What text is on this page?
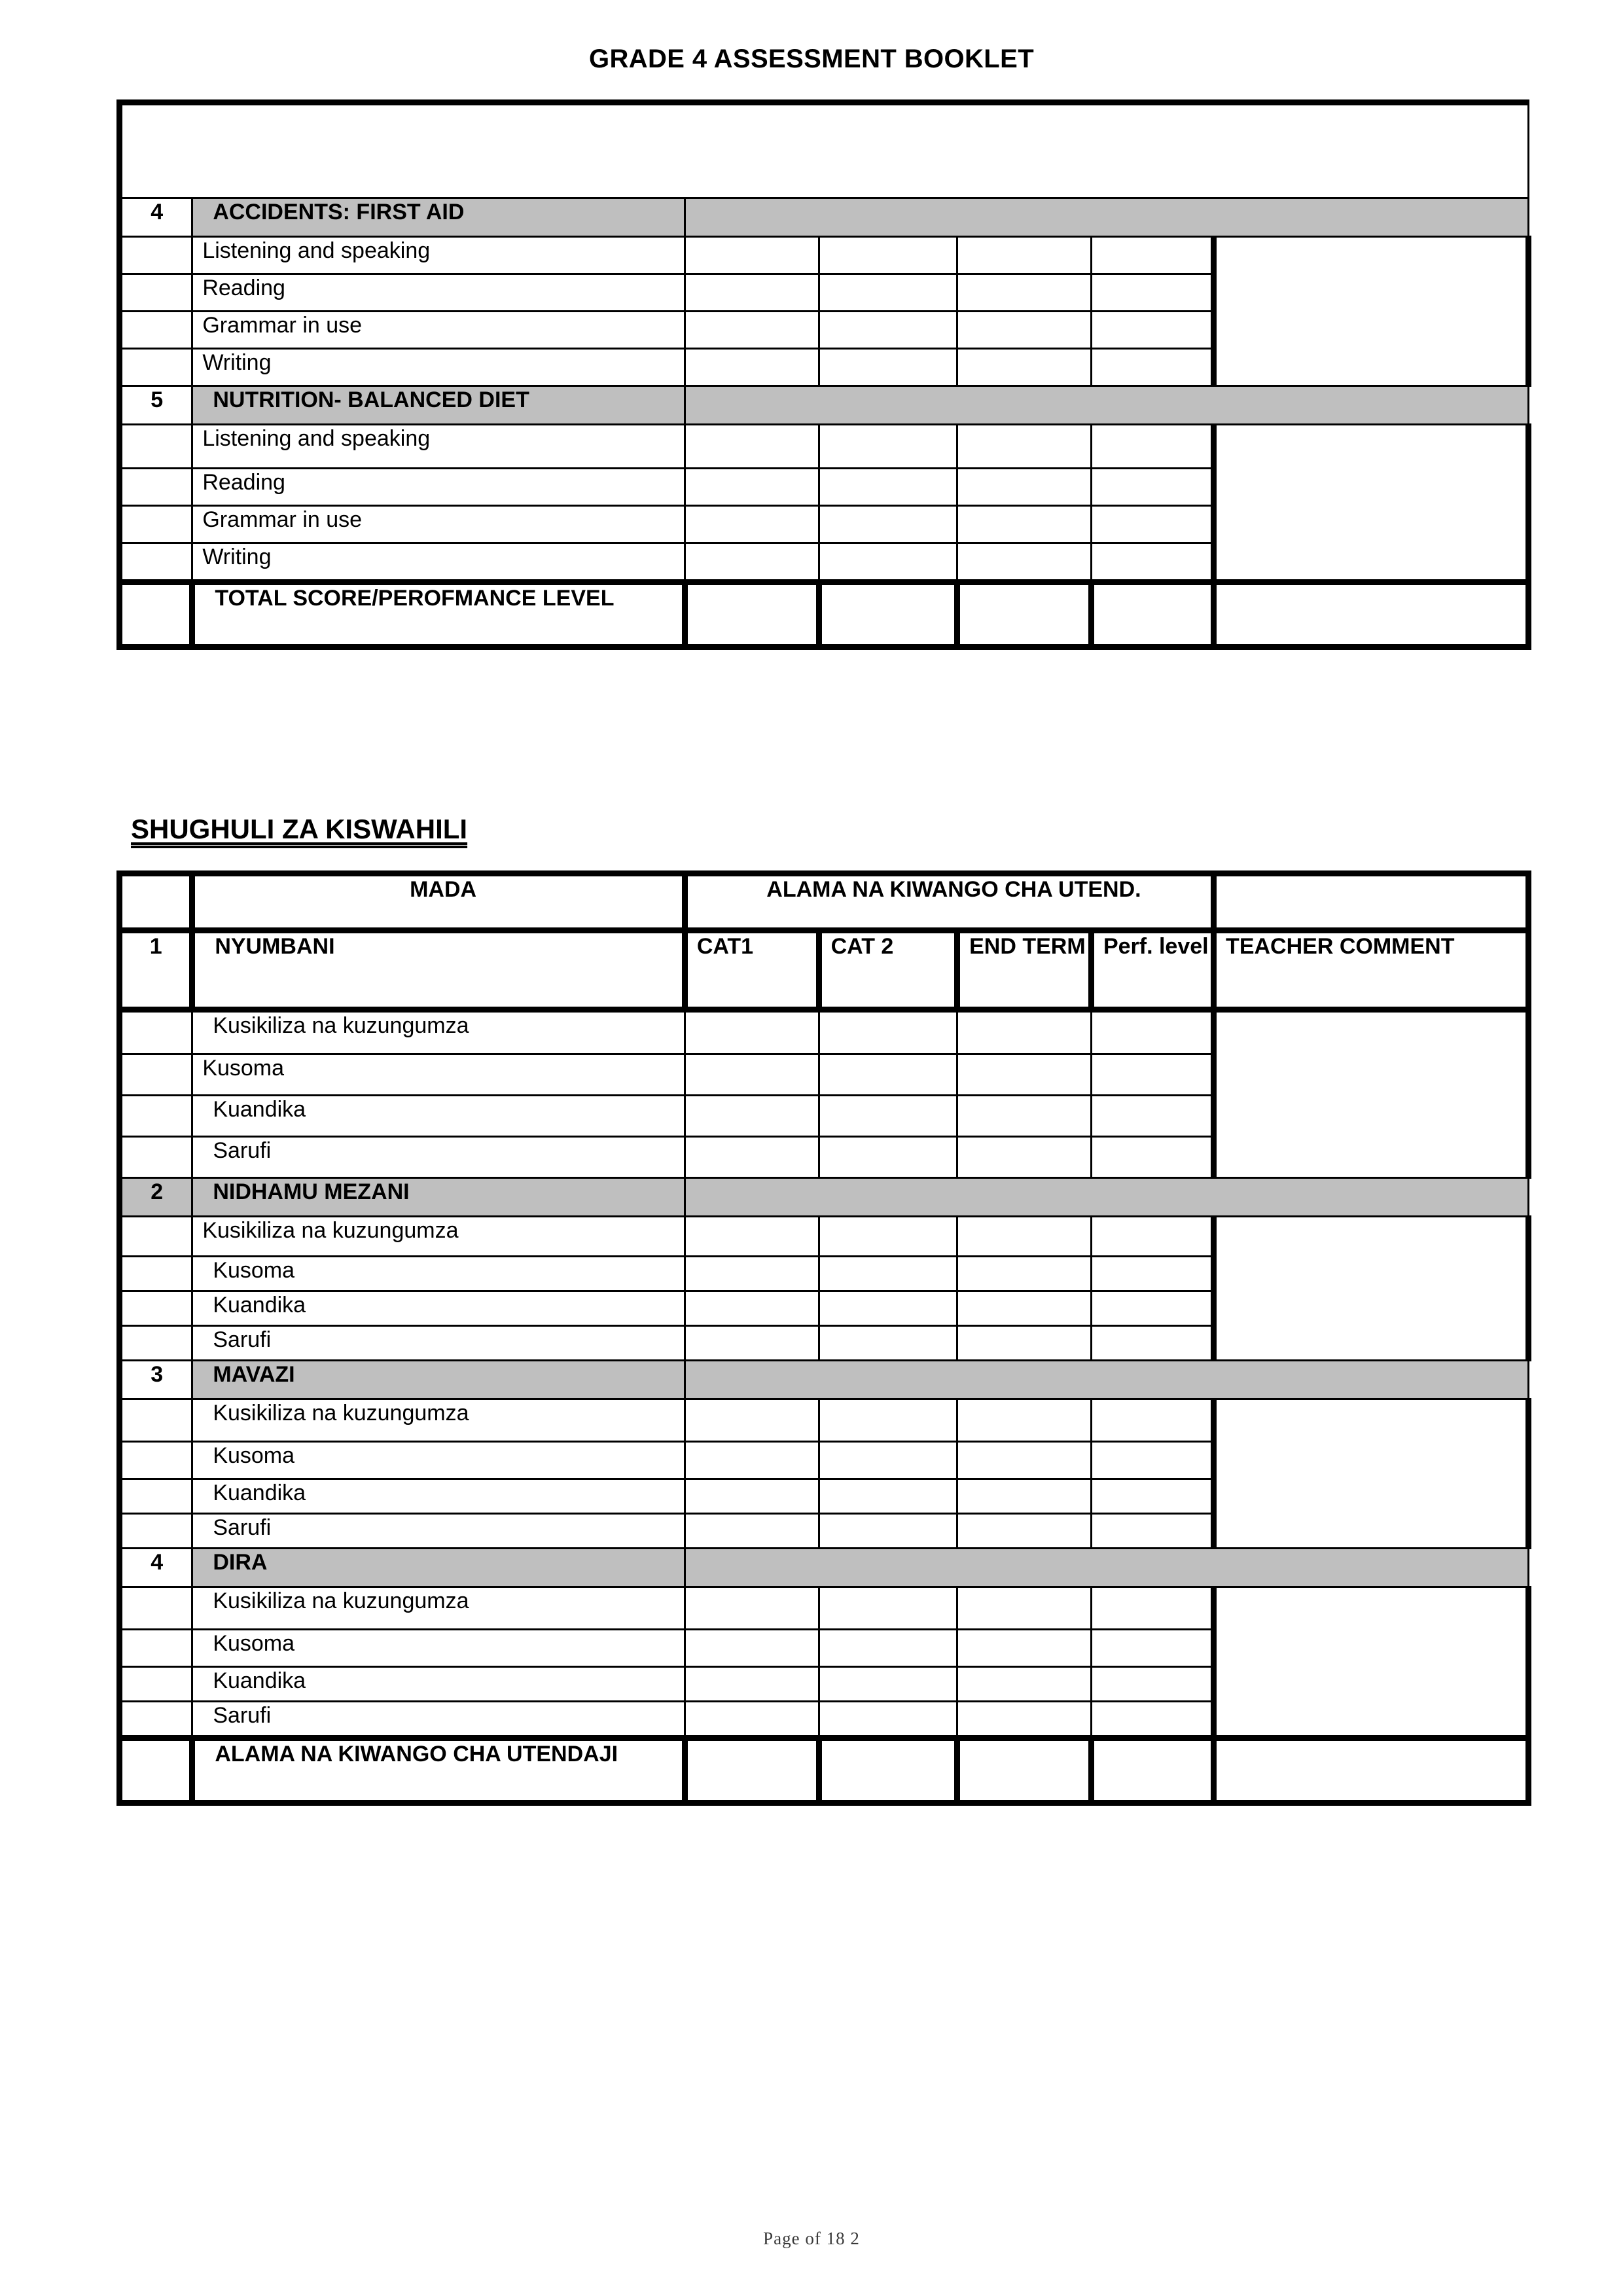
GRADE 4 ASSESSMENT BOOKLET

4	ACCIDENTS: FIRST AID					
	Listening and speaking					
	Reading					
	Grammar in use					
	Writing					
5	NUTRITION- BALANCED DIET					
	Listening and speaking					
	Reading					
	Grammar in use					
	Writing					
	TOTAL SCORE/PEROFMANCE LEVEL					
SHUGHULI ZA KISWAHILI
	MADA	ALAMA NA KIWANGO CHA UTEND.				
1	NYUMBANI	CAT1	CAT 2	END TERM	Perf. level	TEACHER COMMENT
	Kusikiliza na kuzungumza					
	Kusoma					
	Kuandika					
	Sarufi					
2	NIDHAMU MEZANI					
	Kusikiliza na kuzungumza					
	Kusoma					
	Kuandika					
	Sarufi					
3	MAVAZI					
	Kusikiliza na kuzungumza					
	Kusoma					
	Kuandika					
	Sarufi					
4	DIRA					
	Kusikiliza na kuzungumza					
	Kusoma					
	Kuandika					
	Sarufi					
	ALAMA NA KIWANGO CHA UTENDAJI					
Page of 18 2
